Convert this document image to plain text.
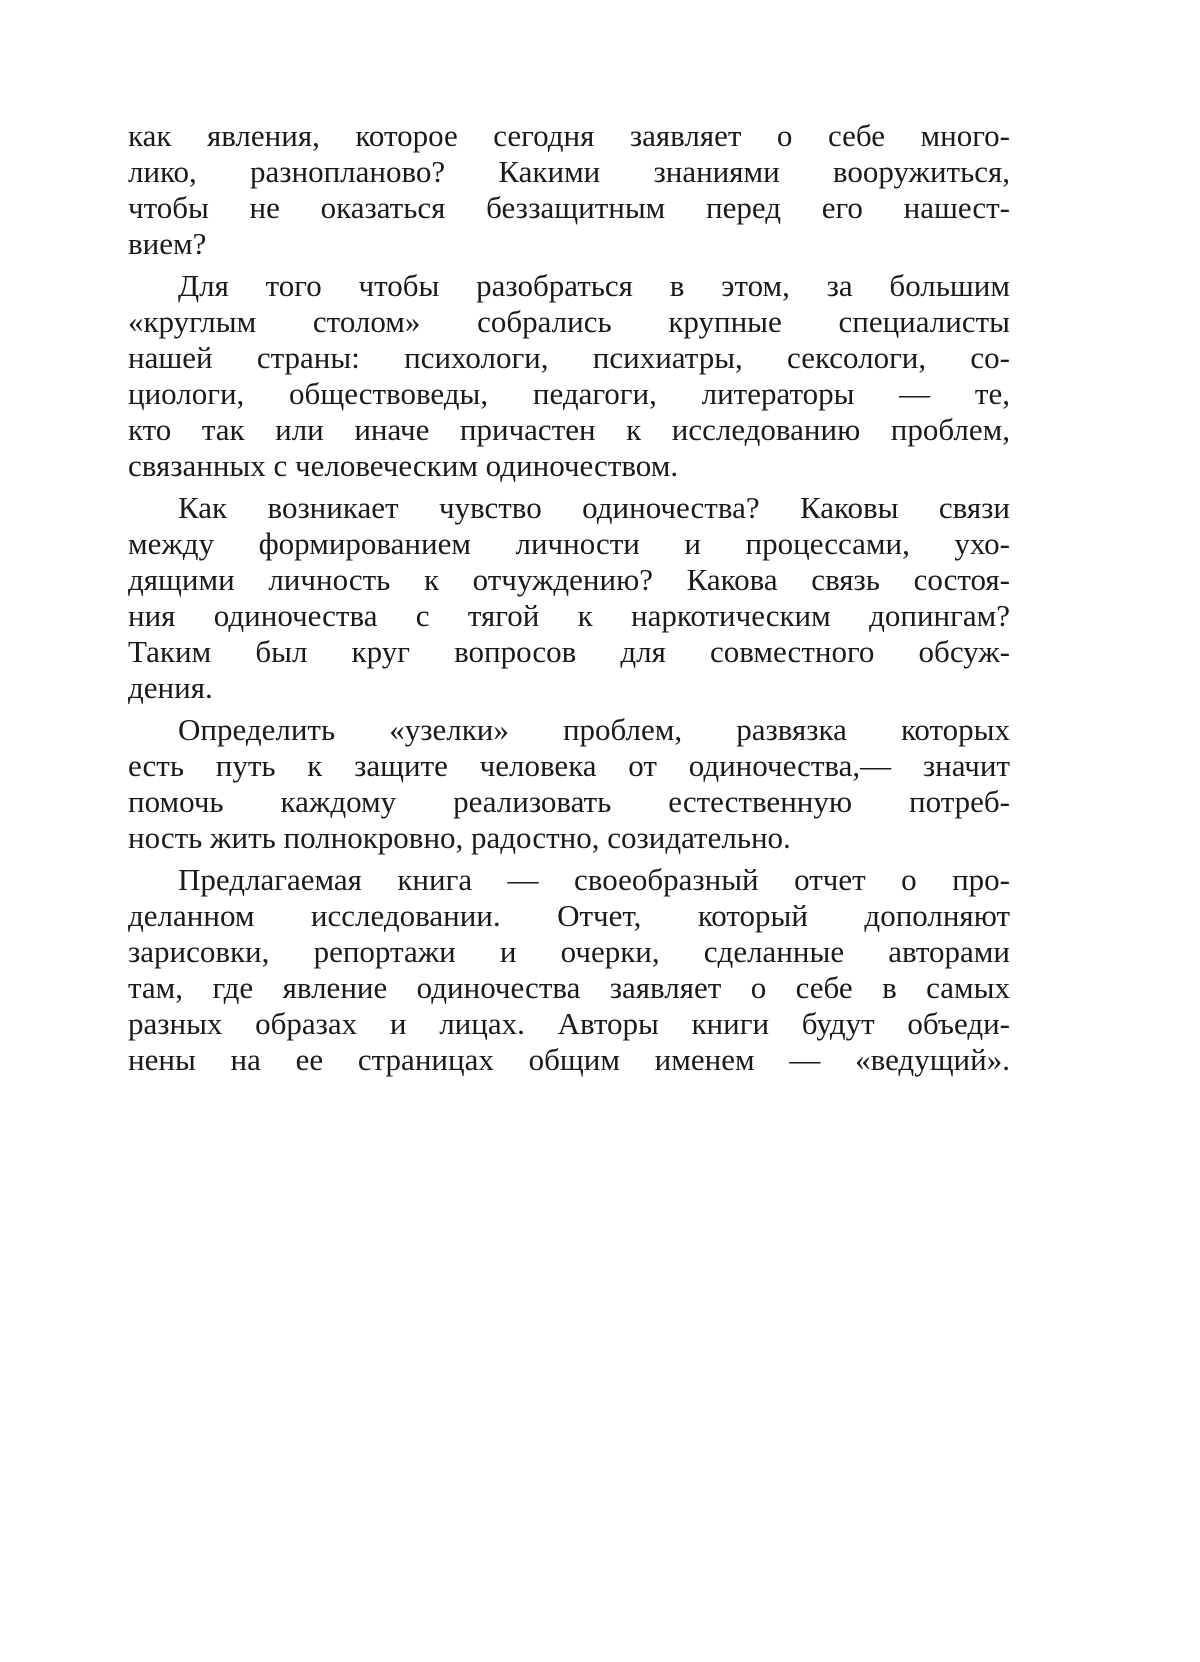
как явления, которое сегодня заявляет о себе много-
лико, разнопланово? Какими знаниями вооружиться,
чтобы не оказаться беззащитным перед его нашест-
вием?
Для того чтобы разобраться в этом, за большим
«круглым столом» собрались крупные специалисты
нашей страны: психологи, психиатры, сексологи, со-
циологи, обществоведы, педагоги, литераторы — те,
кто так или иначе причастен к исследованию проблем,
связанных с человеческим одиночеством.
Как возникает чувство одиночества? Каковы связи
между формированием личности и процессами, ухо-
дящими личность к отчуждению? Какова связь состоя-
ния одиночества с тягой к наркотическим допингам?
Таким был круг вопросов для совместного обсуж-
дения.
Определить «узелки» проблем, развязка которых
есть путь к защите человека от одиночества,— значит
помочь каждому реализовать естественную потреб-
ность жить полнокровно, радостно, созидательно.
Предлагаемая книга — своеобразный отчет о про-
деланном исследовании. Отчет, который дополняют
зарисовки, репортажи и очерки, сделанные авторами
там, где явление одиночества заявляет о себе в самых
разных образах и лицах. Авторы книги будут объеди-
нены на ее страницах общим именем — «ведущий».
